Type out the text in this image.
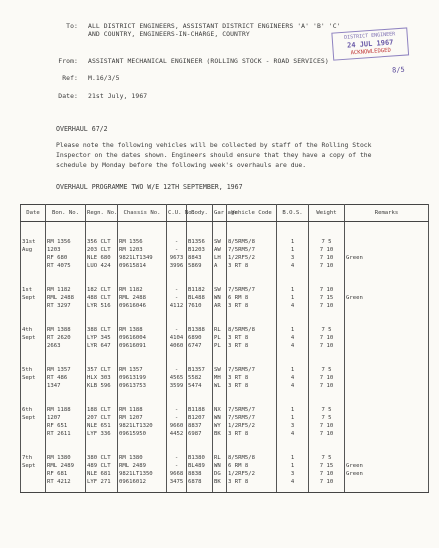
To: ALL DISTRICT ENGINEERS, ASSISTANT DISTRICT ENGINEERS 'A' 'B' 'C'
AND COUNTRY, ENGINEERS-IN-CHARGE, COUNTRY
From: ASSISTANT MECHANICAL ENGINEER (ROLLING STOCK - ROAD SERVICES)
Ref: M.16/3/5
Date: 21st July, 1967
DISTRICT ENGINEER
24 JUL 1967
ACKNOWLEDGED
8/5
OVERHAUL 67/2
Please note the following vehicles will be collected by staff of the Rolling Stock Inspector on the dates shown. Engineers should ensure that they have a copy of the schedule by Monday before the following week's overhauls are due.
OVERHAUL PROGRAMME TWO W/E 12TH SEPTEMBER, 1967
Date	Bon. No.	Regn. No.	Chassis No.	C.U. No.	Body.	Gar age	Vehicle Code	B.O.S.	Weight	Remarks
31st	RM 1356	356 CLT	RM 1356	-	B1356	SW	8/5RM5/8	1	7 5	
Aug	1203	203 CLT	RM 1203	-	B1203	AW	7/5RM5/7	1	7 10	
	RF 680	NLE 680	9821LT1349	9673	8843	LH	1/2RF5/2	3	7 10	Green
	RT 4075	LUO 424	09615814	3996	5869	A	3 RT 8	4	7 10	
1st	RM 1182	182 CLT	RM 1182	-	B1182	SW	7/5RM5/7	1	7 10	
Sept	RML 2488	488 CLT	RML 2488	-	BL488	WN	6 RM 8	1	7 15	Green
	RT 3297	LYR 516	09616046	4112	7610	AR	3 RT 8	4	7 10	
4th	RM 1388	388 CLT	RM 1388	-	B1388	RL	8/5RM5/8	1	7 5	
Sept	RT 2620	LYP 345	09616004	4104	6890	PL	3 RT 8	4	7 10	
	2663	LYR 647	09616091	4060	6747	PL	3 RT 8	4	7 10	
5th	RM 1357	357 CLT	RM 1357	-	B1357	SW	7/5RM5/7	1	7 5	
Sept	RT 486	HLX 303	09613199	4565	5582	MH	3 RT 8	4	7 10	
	1347	KLB 596	09613753	3599	5474	WL	3 RT 8	4	7 10	
6th	RM 1188	188 CLT	RM 1188	-	B1188	NX	7/5RM5/7	1	7 5	
Sept	1207	207 CLT	RM 1207	-	B1207	WN	7/5RM5/7	1	7 5	
	RF 651	NLE 651	9821LT1320	9660	8837	WY	1/2RF5/2	3	7 10	
	RT 2611	LYF 336	09615950	4452	6987	BK	3 RT 8	4	7 10	
7th	RM 1380	380 CLT	RM 1380	-	B1380	RL	8/5RM5/8	1	7 5	
Sept	RML 2489	489 CLT	RML 2489	-	BL489	WN	6 RM 8	1	7 15	Green
	RF 681	NLE 681	9821LT1350	9668	8838	DG	1/2RF5/2	3	7 10	Green
	RT 4212	LYF 271	09616012	3475	6878	BK	3 RT 8	4	7 10	
